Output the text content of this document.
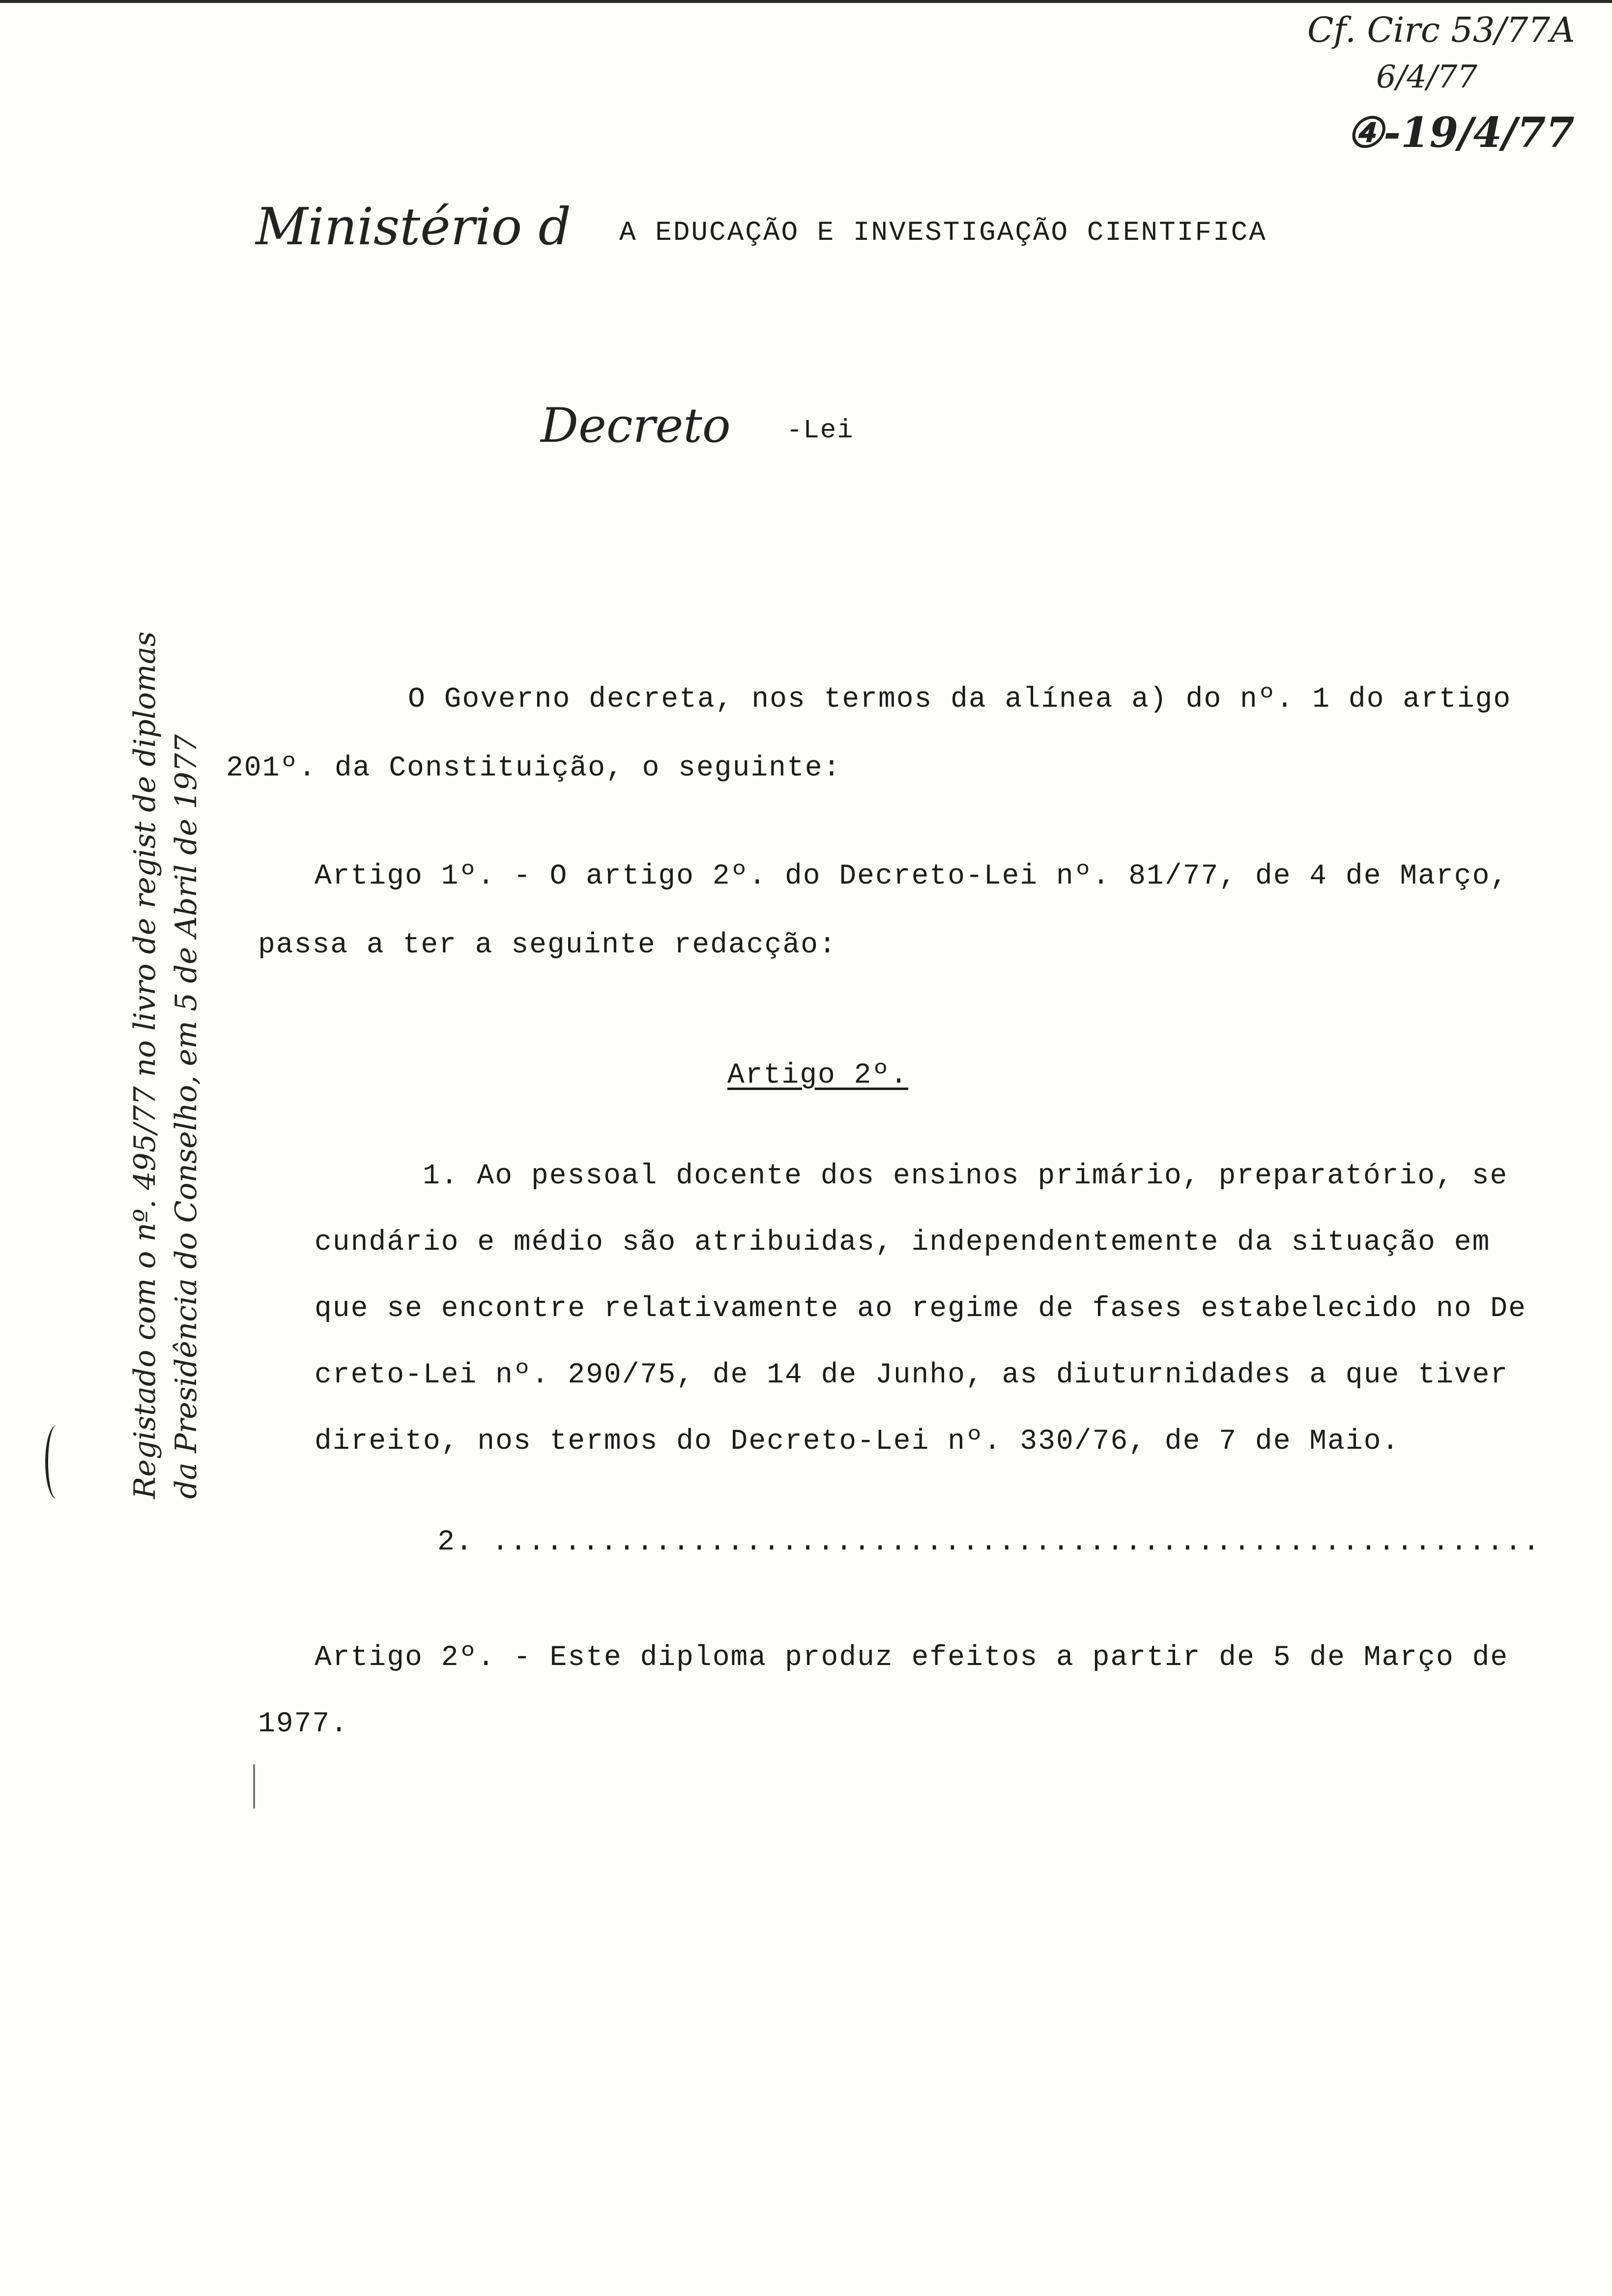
Cf. Circ 53/77A
6/4/77
④-19/4/77
Ministério d A EDUCAÇÃO E INVESTIGAÇÃO CIENTIFICA
Decreto -Lei
O Governo decreta, nos termos da alínea a) do nº. 1 do artigo
201º. da Constituição, o seguinte:
Artigo 1º. - O artigo 2º. do Decreto-Lei nº. 81/77, de 4 de Março,
passa a ter a seguinte redacção:
Artigo 2º.
1. Ao pessoal docente dos ensinos primário, preparatório, se
cundário e médio são atribuidas, independentemente da situação em
que se encontre relativamente ao regime de fases estabelecido no De
creto-Lei nº. 290/75, de 14 de Junho, as diuturnidades a que tiver
direito, nos termos do Decreto-Lei nº. 330/76, de 7 de Maio.
2. ..........................................................
Artigo 2º. - Este diploma produz efeitos a partir de 5 de Março de
1977.
Registado com o nº. 495/77 no livro de regist de diplomas da Presidência do Conselho, em 5 de Abril de 1977
